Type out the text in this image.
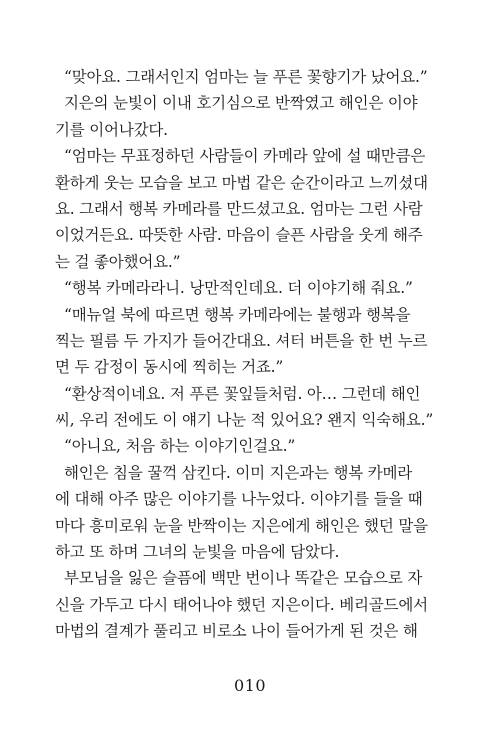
“맞아요. 그래서인지 엄마는 늘 푸른 꽃향기가 났어요.”
지은의 눈빛이 이내 호기심으로 반짝였고 해인은 이야
기를 이어나갔다.
“엄마는 무표정하던 사람들이 카메라 앞에 설 때만큼은
환하게 웃는 모습을 보고 마법 같은 순간이라고 느끼셨대
요. 그래서 행복 카메라를 만드셨고요. 엄마는 그런 사람
이었거든요. 따뜻한 사람. 마음이 슬픈 사람을 웃게 해주
는 걸 좋아했어요.”
“행복 카메라라니. 낭만적인데요. 더 이야기해 줘요.”
“매뉴얼 북에 따르면 행복 카메라에는 불행과 행복을
찍는 필름 두 가지가 들어간대요. 셔터 버튼을 한 번 누르
면 두 감정이 동시에 찍히는 거죠.”
“환상적이네요. 저 푸른 꽃잎들처럼. 아… 그런데 해인
씨, 우리 전에도 이 얘기 나눈 적 있어요? 왠지 익숙해요.”
“아니요, 처음 하는 이야기인걸요.”
해인은 침을 꿀꺽 삼킨다. 이미 지은과는 행복 카메라
에 대해 아주 많은 이야기를 나누었다. 이야기를 들을 때
마다 흥미로워 눈을 반짝이는 지은에게 해인은 했던 말을
하고 또 하며 그녀의 눈빛을 마음에 담았다.
부모님을 잃은 슬픔에 백만 번이나 똑같은 모습으로 자
신을 가두고 다시 태어나야 했던 지은이다. 베리골드에서
마법의 결계가 풀리고 비로소 나이 들어가게 된 것은 해
010
